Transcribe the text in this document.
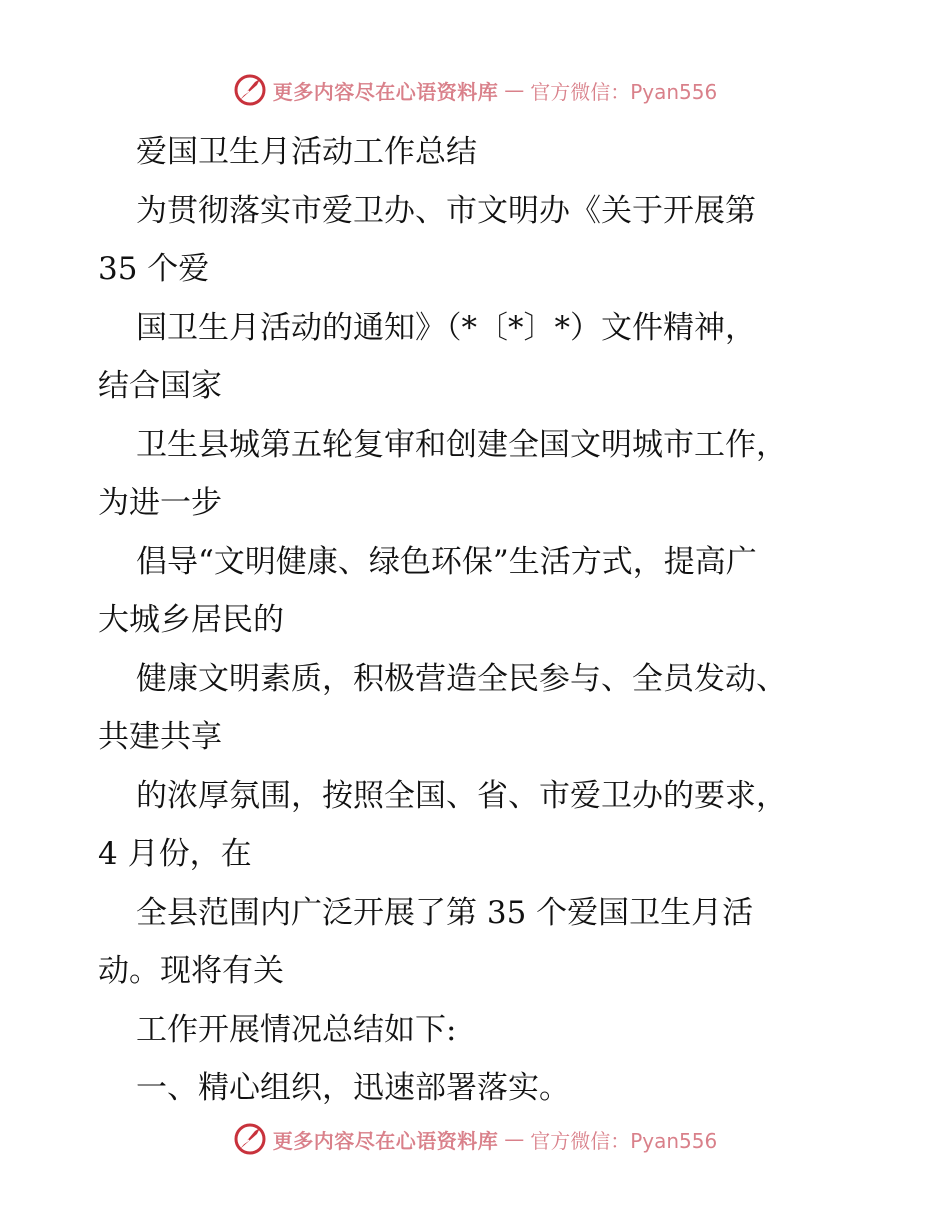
更多内容尽在心语资料库 — 官方微信：Pyan556
爱国卫生月活动工作总结
为贯彻落实市爱卫办、市文明办《关于开展第
35 个爱
国卫生月活动的通知》（*〔*〕*）文件精神，
结合国家
卫生县城第五轮复审和创建全国文明城市工作，
为进一步
倡导“文明健康、绿色环保”生活方式，提高广
大城乡居民的
健康文明素质，积极营造全民参与、全员发动、
共建共享
的浓厚氛围，按照全国、省、市爱卫办的要求，
4 月份，在
全县范围内广泛开展了第 35 个爱国卫生月活
动。现将有关
工作开展情况总结如下:
一、精心组织，迅速部署落实。
更多内容尽在心语资料库 — 官方微信：Pyan556
